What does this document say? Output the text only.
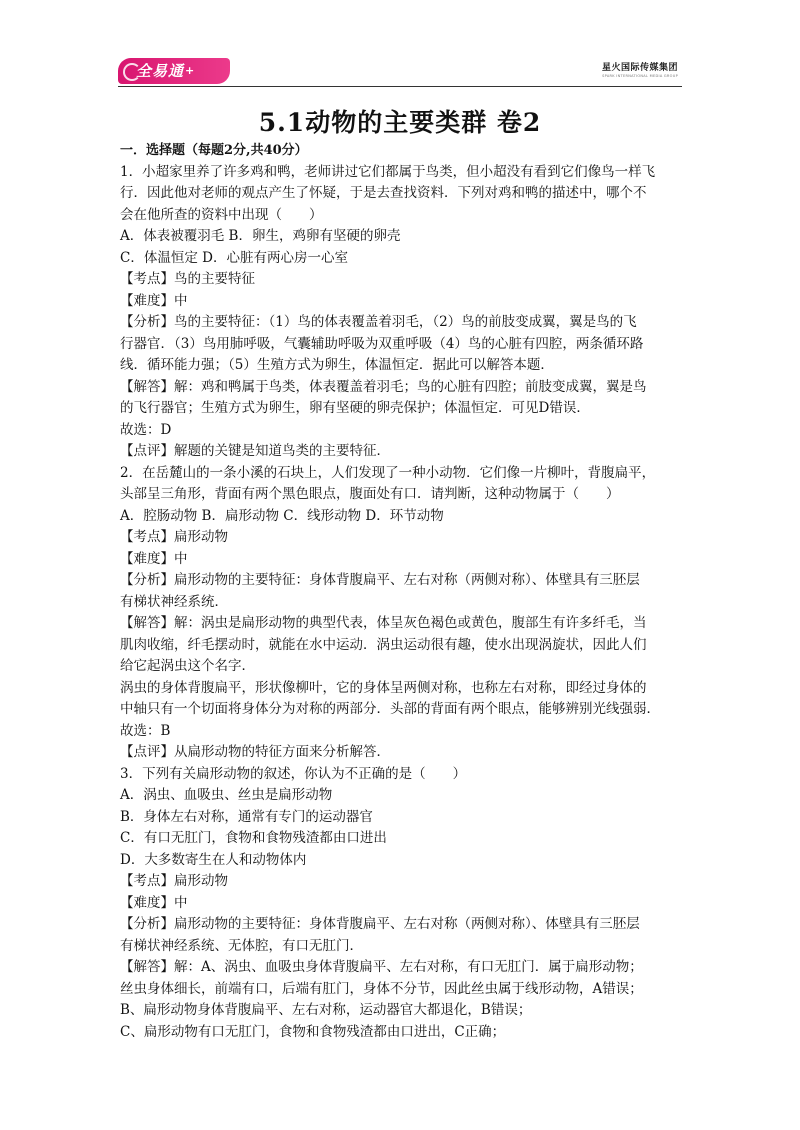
全易通+	星火国际传媒集团
SPARK INTERNATIONAL MEDIA GROUP
5.1动物的主要类群 卷2

一．选择题（每题2分,共40分）

1．小超家里养了许多鸡和鸭，老师讲过它们都属于鸟类，但小超没有看到它们像鸟一样飞

行．因此他对老师的观点产生了怀疑，于是去查找资料．下列对鸡和鸭的描述中，哪个不

会在他所查的资料中出现（　　）

A．体表被覆羽毛 B．卵生，鸡卵有坚硬的卵壳

C．体温恒定 D．心脏有两心房一心室

【考点】鸟的主要特征

【难度】中

【分析】鸟的主要特征：（1）鸟的体表覆盖着羽毛，（2）鸟的前肢变成翼，翼是鸟的飞

行器官．（3）鸟用肺呼吸，气囊辅助呼吸为双重呼吸（4）鸟的心脏有四腔，两条循环路

线．循环能力强；（5）生殖方式为卵生，体温恒定．据此可以解答本题．

【解答】解：鸡和鸭属于鸟类，体表覆盖着羽毛；鸟的心脏有四腔；前肢变成翼，翼是鸟

的飞行器官；生殖方式为卵生，卵有坚硬的卵壳保护；体温恒定．可见D错误．

故选：D

【点评】解题的关键是知道鸟类的主要特征．

2．在岳麓山的一条小溪的石块上，人们发现了一种小动物．它们像一片柳叶，背腹扁平，

头部呈三角形，背面有两个黑色眼点，腹面处有口．请判断，这种动物属于（　　）

A．腔肠动物 B．扁形动物 C．线形动物 D．环节动物

【考点】扁形动物

【难度】中

【分析】扁形动物的主要特征：身体背腹扁平、左右对称（两侧对称）、体壁具有三胚层

有梯状神经系统．

【解答】解：涡虫是扁形动物的典型代表，体呈灰色褐色或黄色，腹部生有许多纤毛，当

肌肉收缩，纤毛摆动时，就能在水中运动．涡虫运动很有趣，使水出现涡旋状，因此人们

给它起涡虫这个名字．

涡虫的身体背腹扁平，形状像柳叶，它的身体呈两侧对称，也称左右对称，即经过身体的

中轴只有一个切面将身体分为对称的两部分．头部的背面有两个眼点，能够辨别光线强弱．

故选：B

【点评】从扁形动物的特征方面来分析解答．

3．下列有关扁形动物的叙述，你认为不正确的是（　　）

A．涡虫、血吸虫、丝虫是扁形动物

B．身体左右对称，通常有专门的运动器官

C．有口无肛门，食物和食物残渣都由口进出

D．大多数寄生在人和动物体内

【考点】扁形动物

【难度】中

【分析】扁形动物的主要特征：身体背腹扁平、左右对称（两侧对称）、体壁具有三胚层

有梯状神经系统、无体腔，有口无肛门．

【解答】解：A、涡虫、血吸虫身体背腹扁平、左右对称，有口无肛门．属于扁形动物；

丝虫身体细长，前端有口，后端有肛门，身体不分节，因此丝虫属于线形动物，A错误；

B、扁形动物身体背腹扁平、左右对称，运动器官大都退化，B错误；

C、扁形动物有口无肛门，食物和食物残渣都由口进出，C正确；
